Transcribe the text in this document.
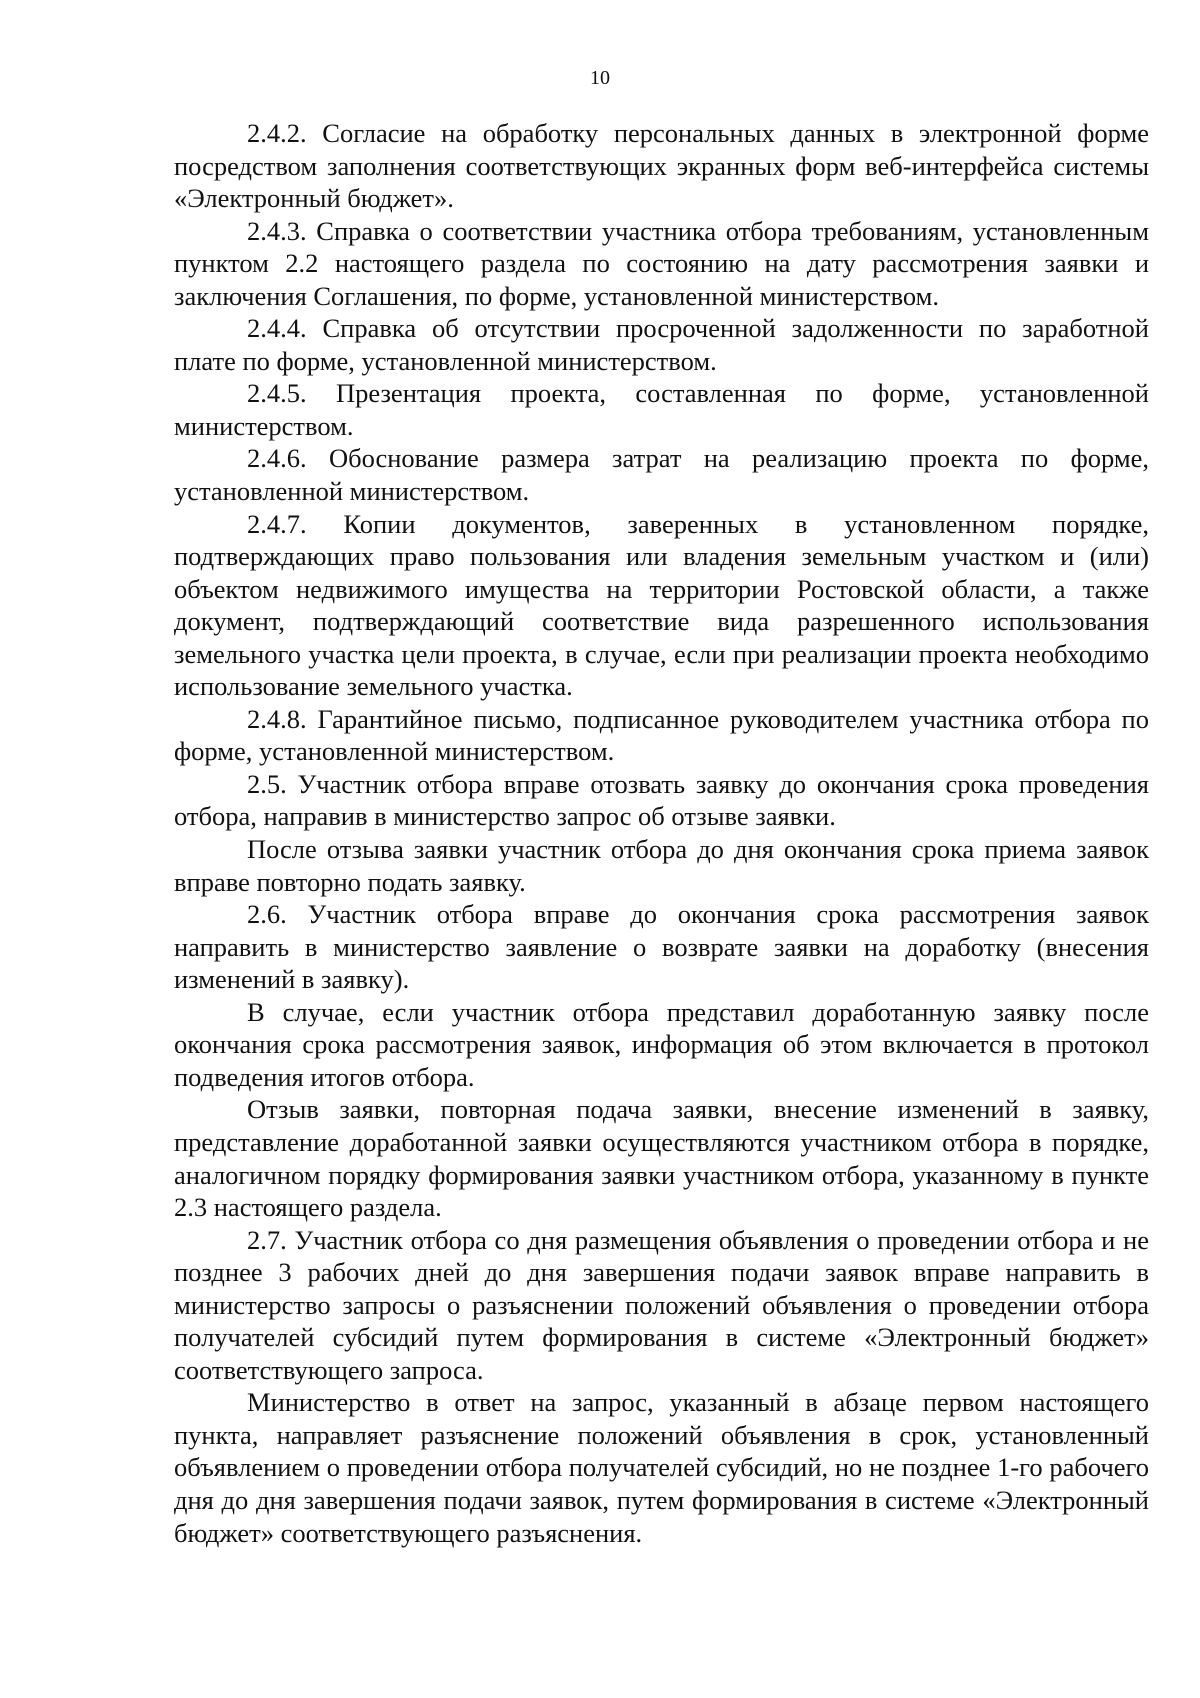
10

2.4.2. Согласие на обработку персональных данных в электронной форме посредством заполнения соответствующих экранных форм веб-интерфейса системы «Электронный бюджет».

2.4.3. Справка о соответствии участника отбора требованиям, установленным пунктом 2.2 настоящего раздела по состоянию на дату рассмотрения заявки и заключения Соглашения, по форме, установленной министерством.

2.4.4. Справка об отсутствии просроченной задолженности по заработной плате по форме, установленной министерством.

2.4.5. Презентация проекта, составленная по форме, установленной министерством.

2.4.6. Обоснование размера затрат на реализацию проекта по форме, установленной министерством.

2.4.7. Копии документов, заверенных в установленном порядке, подтверждающих право пользования или владения земельным участком и (или) объектом недвижимого имущества на территории Ростовской области, а также документ, подтверждающий соответствие вида разрешенного использования земельного участка цели проекта, в случае, если при реализации проекта необходимо использование земельного участка.

2.4.8. Гарантийное письмо, подписанное руководителем участника отбора по форме, установленной министерством.

2.5. Участник отбора вправе отозвать заявку до окончания срока проведения отбора, направив в министерство запрос об отзыве заявки.

После отзыва заявки участник отбора до дня окончания срока приема заявок вправе повторно подать заявку.

2.6. Участник отбора вправе до окончания срока рассмотрения заявок направить в министерство заявление о возврате заявки на доработку (внесения изменений в заявку).

В случае, если участник отбора представил доработанную заявку после окончания срока рассмотрения заявок, информация об этом включается в протокол подведения итогов отбора.

Отзыв заявки, повторная подача заявки, внесение изменений в заявку, представление доработанной заявки осуществляются участником отбора в порядке, аналогичном порядку формирования заявки участником отбора, указанному в пункте 2.3 настоящего раздела.

2.7. Участник отбора со дня размещения объявления о проведении отбора и не позднее 3 рабочих дней до дня завершения подачи заявок вправе направить в министерство запросы о разъяснении положений объявления о проведении отбора получателей субсидий путем формирования в системе «Электронный бюджет» соответствующего запроса.

Министерство в ответ на запрос, указанный в абзаце первом настоящего пункта, направляет разъяснение положений объявления в срок, установленный объявлением о проведении отбора получателей субсидий, но не позднее 1-го рабочего дня до дня завершения подачи заявок, путем формирования в системе «Электронный бюджет» соответствующего разъяснения.
